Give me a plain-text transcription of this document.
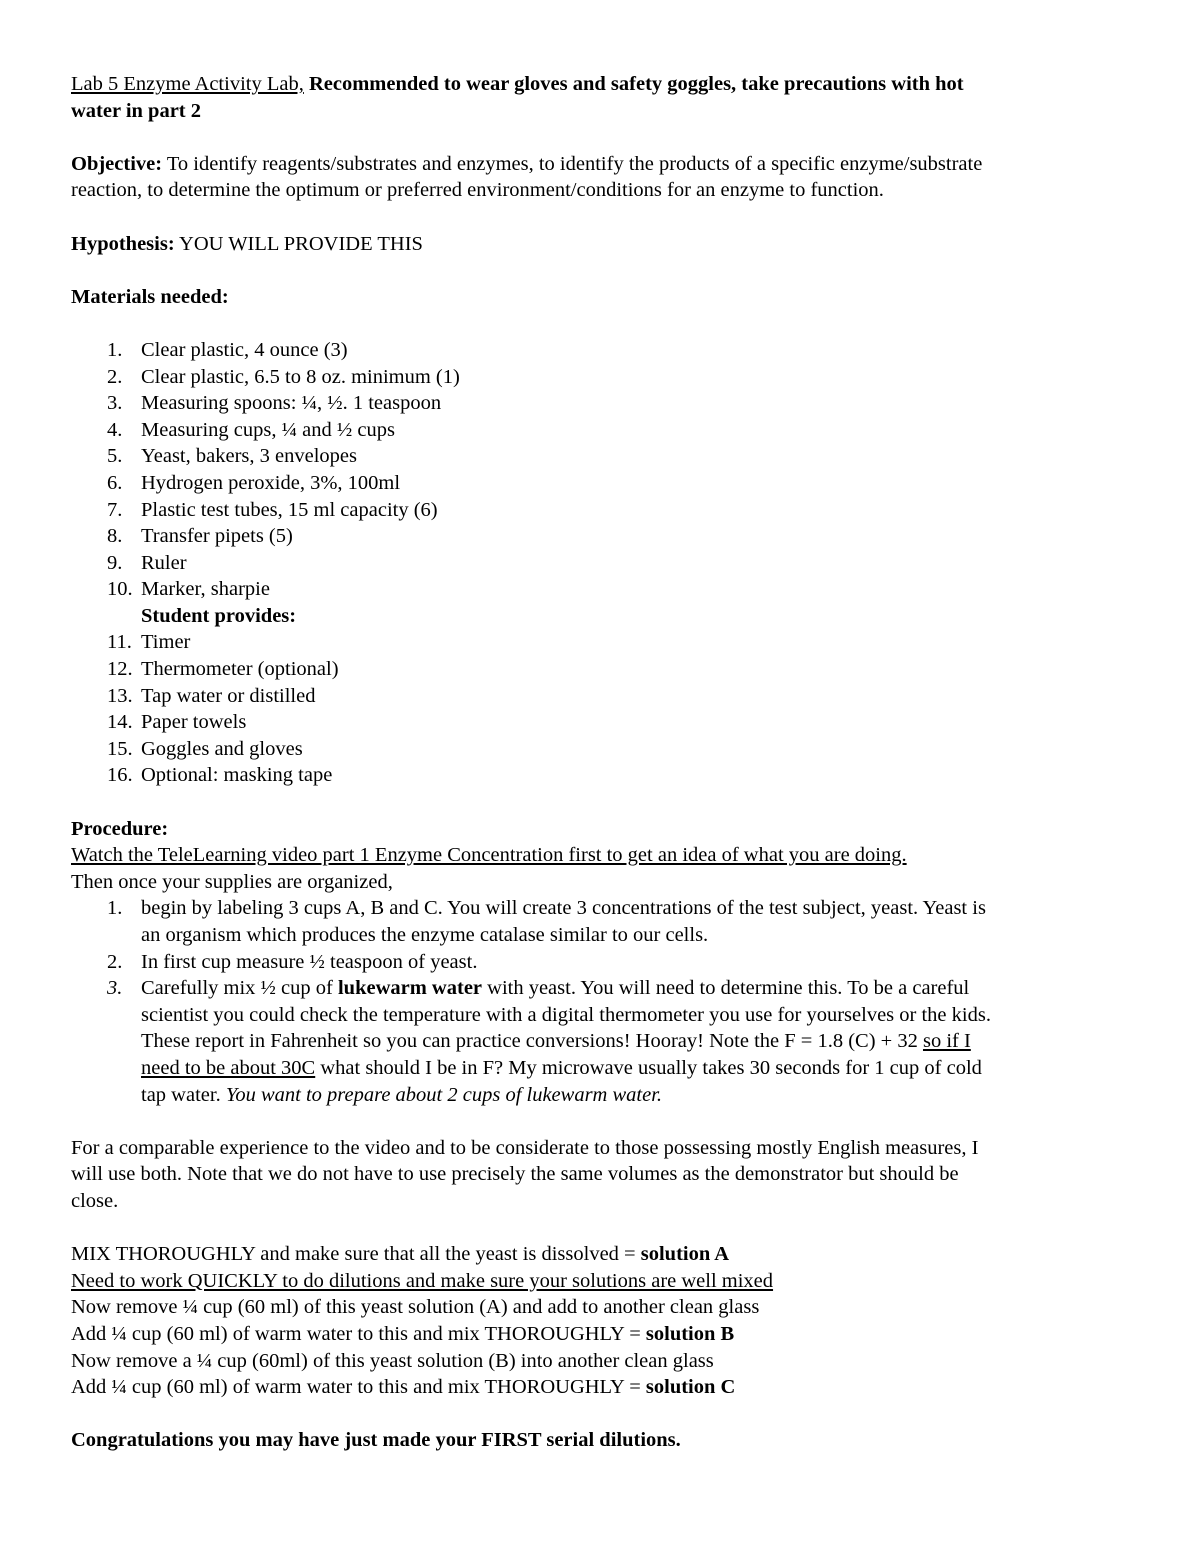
Lab 5 Enzyme Activity Lab, Recommended to wear gloves and safety goggles, take precautions with hot

water in part 2

Objective: To identify reagents/substrates and enzymes, to identify the products of a specific enzyme/substrate

reaction, to determine the optimum or preferred environment/conditions for an enzyme to function.

Hypothesis: YOU WILL PROVIDE THIS

Materials needed:

1. Clear plastic, 4 ounce (3)
2. Clear plastic, 6.5 to 8 oz. minimum (1)
3. Measuring spoons: ¼, ½. 1 teaspoon
4. Measuring cups, ¼ and ½ cups
5. Yeast, bakers, 3 envelopes
6. Hydrogen peroxide, 3%, 100ml
7. Plastic test tubes, 15 ml capacity (6)
8. Transfer pipets (5)
9. Ruler
10. Marker, sharpie
Student provides:
11. Timer
12. Thermometer (optional)
13. Tap water or distilled
14. Paper towels
15. Goggles and gloves
16. Optional: masking tape

Procedure:

Watch the TeleLearning video part 1 Enzyme Concentration first to get an idea of what you are doing.

Then once your supplies are organized,

1. begin by labeling 3 cups A, B and C. You will create 3 concentrations of the test subject, yeast. Yeast is
an organism which produces the enzyme catalase similar to our cells.
2. In first cup measure ½ teaspoon of yeast.
3. Carefully mix ½ cup of lukewarm water with yeast. You will need to determine this. To be a careful
scientist you could check the temperature with a digital thermometer you use for yourselves or the kids.
These report in Fahrenheit so you can practice conversions! Hooray! Note the F = 1.8 (C) + 32 so if I
need to be about 30C what should I be in F? My microwave usually takes 30 seconds for 1 cup of cold
tap water. You want to prepare about 2 cups of lukewarm water.

For a comparable experience to the video and to be considerate to those possessing mostly English measures, I

will use both. Note that we do not have to use precisely the same volumes as the demonstrator but should be

close.

MIX THOROUGHLY and make sure that all the yeast is dissolved = solution A

Need to work QUICKLY to do dilutions and make sure your solutions are well mixed

Now remove ¼ cup (60 ml) of this yeast solution (A) and add to another clean glass

Add ¼ cup (60 ml) of warm water to this and mix THOROUGHLY = solution B

Now remove a ¼ cup (60ml) of this yeast solution (B) into another clean glass

Add ¼ cup (60 ml) of warm water to this and mix THOROUGHLY = solution C

Congratulations you may have just made your FIRST serial dilutions.
